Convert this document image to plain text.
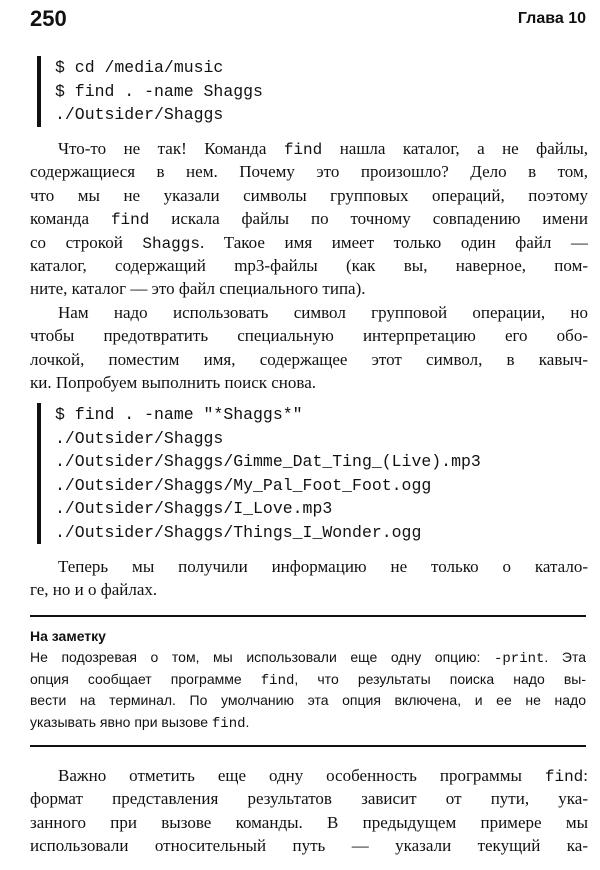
250	Глава 10
$ cd /media/music
$ find . -name Shaggs
./Outsider/Shaggs
Что-то не так! Команда find нашла каталог, а не файлы,
содержащиеся в нем. Почему это произошло? Дело в том,
что мы не указали символы групповых операций, поэтому
команда find искала файлы по точному совпадению имени
со строкой Shaggs. Такое имя имеет только один файл —
каталог, содержащий mp3-файлы (как вы, наверное, пом-
ните, каталог — это файл специального типа).
Нам надо использовать символ групповой операции, но
чтобы предотвратить специальную интерпретацию его обо-
лочкой, поместим имя, содержащее этот символ, в кавыч-
ки. Попробуем выполнить поиск снова.
$ find . -name "*Shaggs*"
./Outsider/Shaggs
./Outsider/Shaggs/Gimme_Dat_Ting_(Live).mp3
./Outsider/Shaggs/My_Pal_Foot_Foot.ogg
./Outsider/Shaggs/I_Love.mp3
./Outsider/Shaggs/Things_I_Wonder.ogg
Теперь мы получили информацию не только о катало-
ге, но и о файлах.
На заметку
Не подозревая о том, мы использовали еще одну опцию: -print. Эта
опция сообщает программе find, что результаты поиска надо вы-
вести на терминал. По умолчанию эта опция включена, и ее не надо
указывать явно при вызове find.
Важно отметить еще одну особенность программы find:
формат представления результатов зависит от пути, ука-
занного при вызове команды. В предыдущем примере мы
использовали относительный путь — указали текущий ка-
